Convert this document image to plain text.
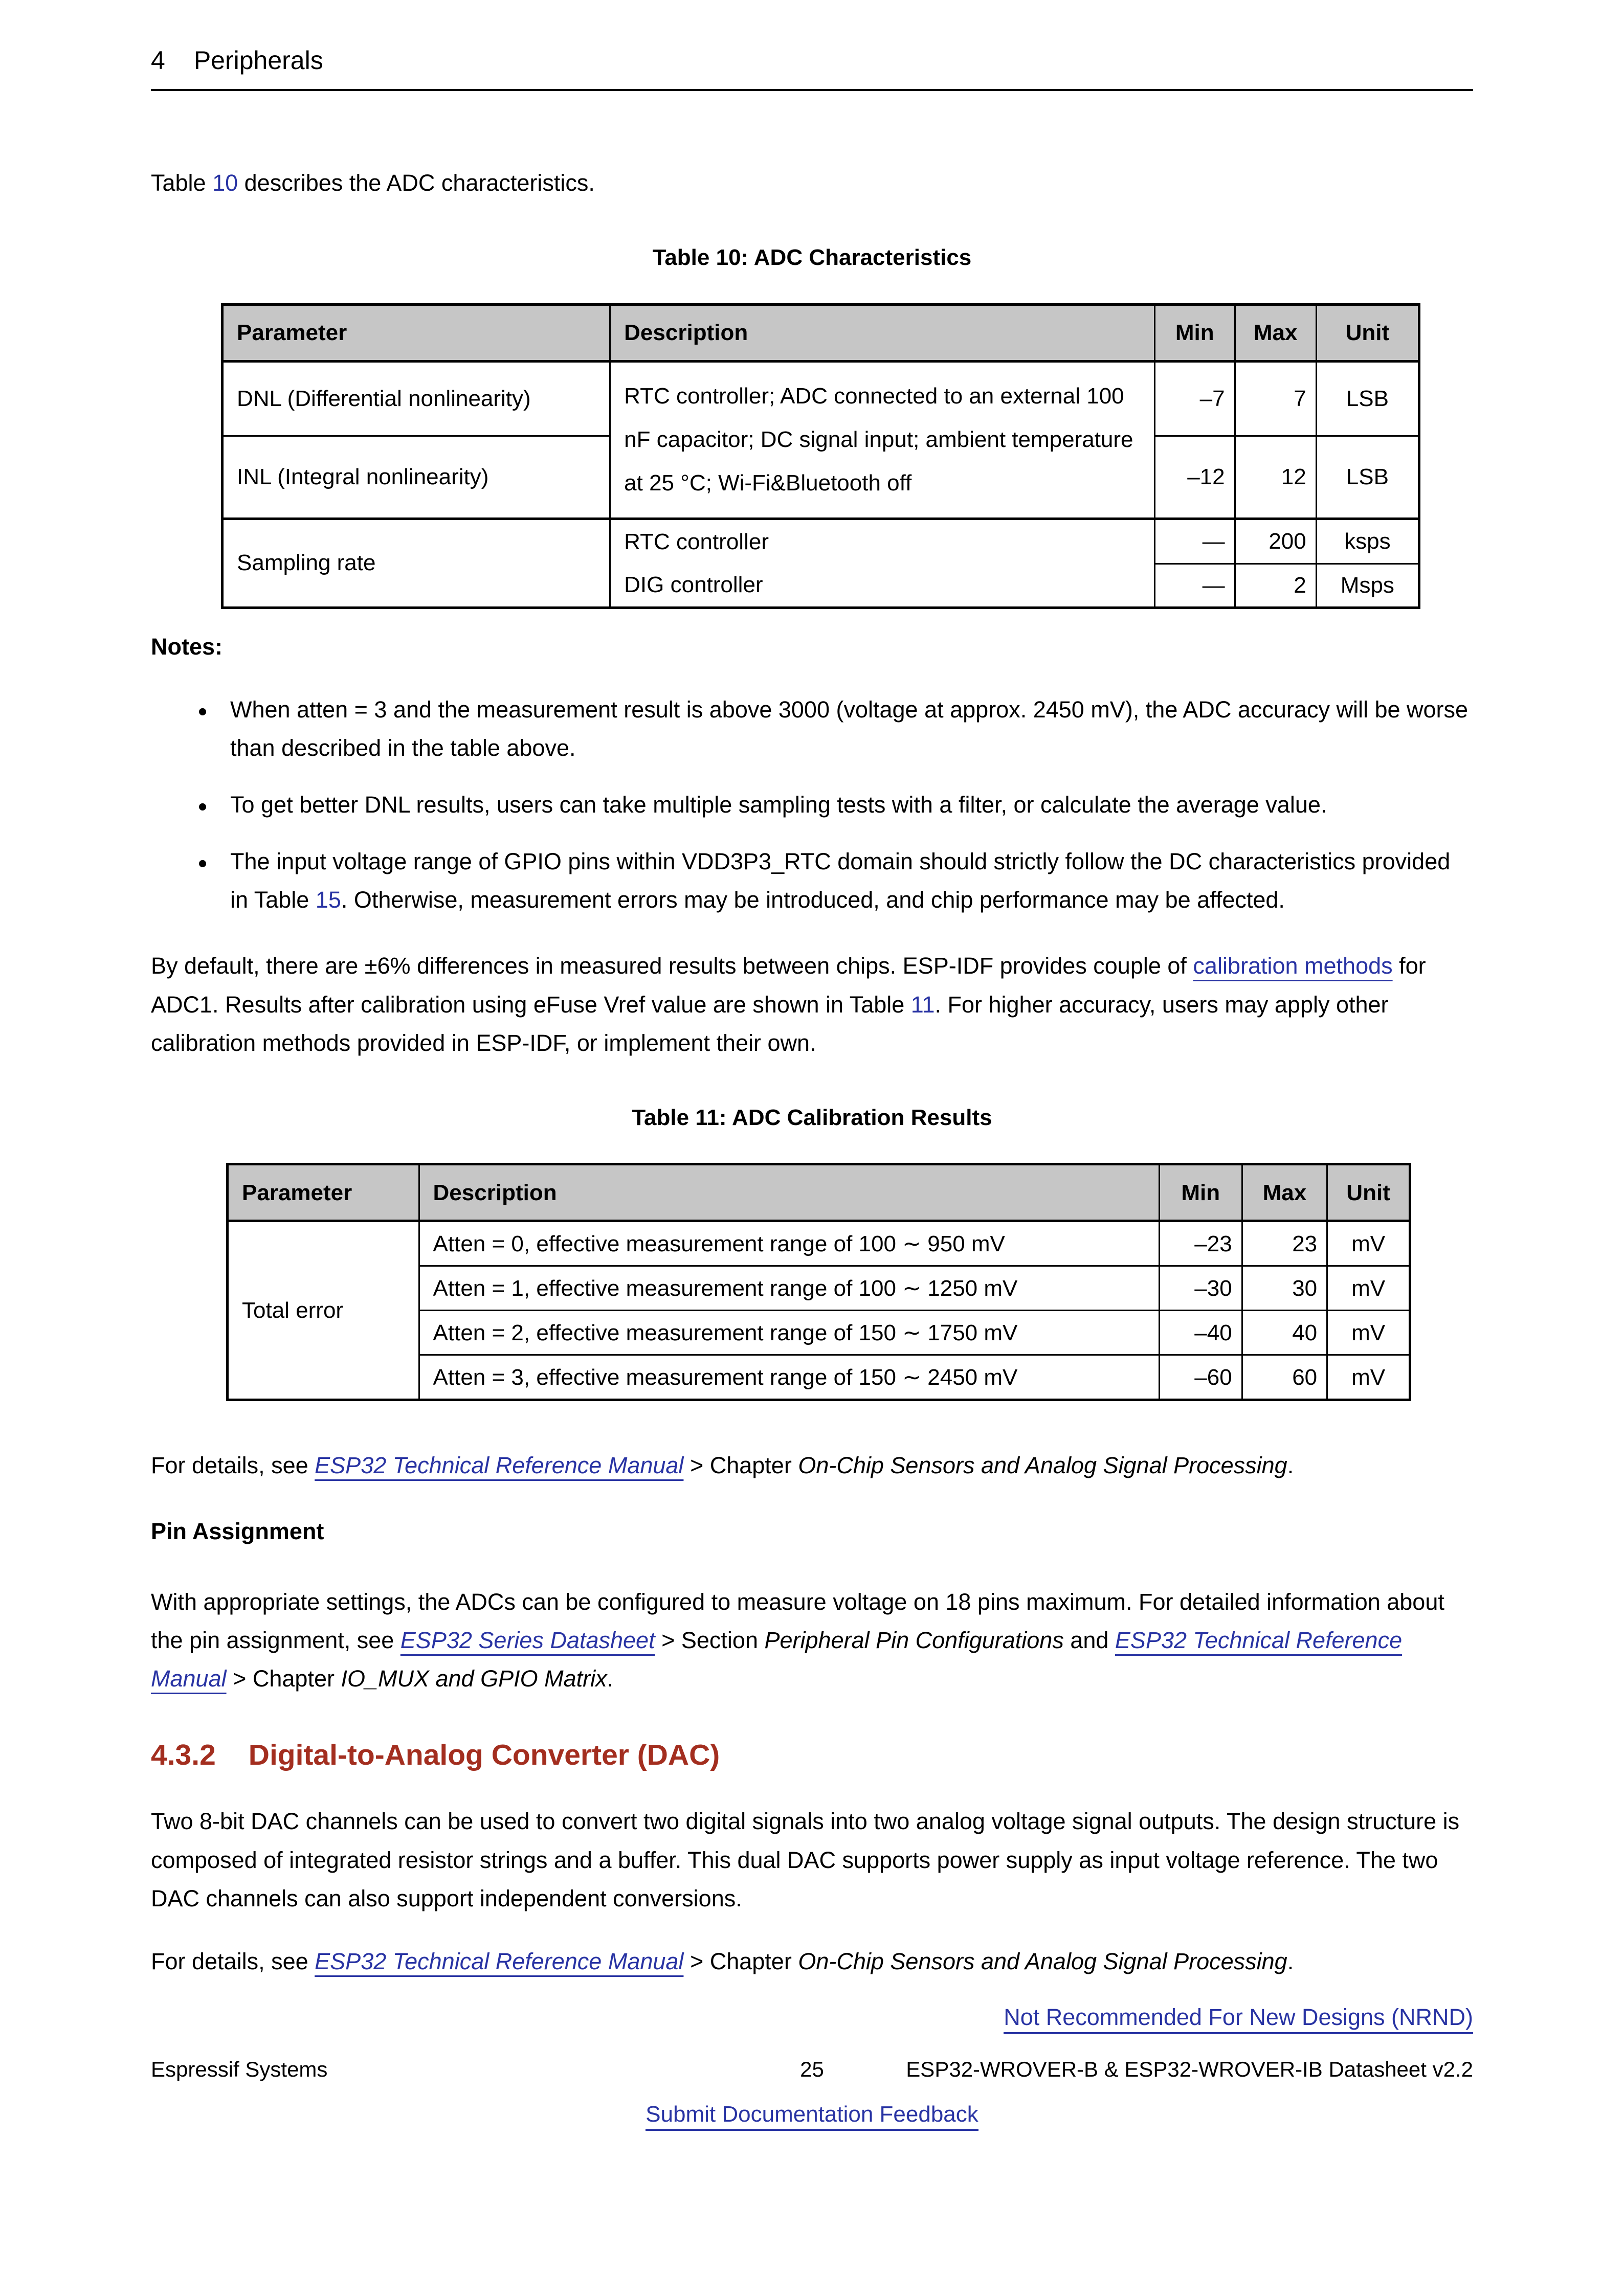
4 Peripherals
Table 10 describes the ADC characteristics.
Table 10: ADC Characteristics
Parameter	Description	Min	Max	Unit
DNL (Differential nonlinearity)	RTC controller; ADC connected to an external 100 nF capacitor; DC signal input; ambient temperature at 25 °C; Wi-Fi&Bluetooth off	–7	7	LSB
INL (Integral nonlinearity)		–12	12	LSB
Sampling rate	RTC controller	—	200	ksps
	DIG controller	—	2	Msps
Notes:
• When atten = 3 and the measurement result is above 3000 (voltage at approx. 2450 mV), the ADC accuracy will be worse than described in the table above.
• To get better DNL results, users can take multiple sampling tests with a filter, or calculate the average value.
• The input voltage range of GPIO pins within VDD3P3_RTC domain should strictly follow the DC characteristics provided in Table 15. Otherwise, measurement errors may be introduced, and chip performance may be affected.
By default, there are ±6% differences in measured results between chips. ESP-IDF provides couple of calibration methods for ADC1. Results after calibration using eFuse Vref value are shown in Table 11. For higher accuracy, users may apply other calibration methods provided in ESP-IDF, or implement their own.
Table 11: ADC Calibration Results
Parameter	Description	Min	Max	Unit
Total error	Atten = 0, effective measurement range of 100 ∼ 950 mV	–23	23	mV
	Atten = 1, effective measurement range of 100 ∼ 1250 mV	–30	30	mV
	Atten = 2, effective measurement range of 150 ∼ 1750 mV	–40	40	mV
	Atten = 3, effective measurement range of 150 ∼ 2450 mV	–60	60	mV
For details, see ESP32 Technical Reference Manual > Chapter On-Chip Sensors and Analog Signal Processing.
Pin Assignment
With appropriate settings, the ADCs can be configured to measure voltage on 18 pins maximum. For detailed information about the pin assignment, see ESP32 Series Datasheet > Section Peripheral Pin Configurations and ESP32 Technical Reference Manual > Chapter IO_MUX and GPIO Matrix.
4.3.2 Digital-to-Analog Converter (DAC)
Two 8-bit DAC channels can be used to convert two digital signals into two analog voltage signal outputs. The design structure is composed of integrated resistor strings and a buffer. This dual DAC supports power supply as input voltage reference. The two DAC channels can also support independent conversions.
For details, see ESP32 Technical Reference Manual > Chapter On-Chip Sensors and Analog Signal Processing.
Not Recommended For New Designs (NRND)
Espressif Systems	25	ESP32-WROVER-B & ESP32-WROVER-IB Datasheet v2.2
Submit Documentation Feedback
